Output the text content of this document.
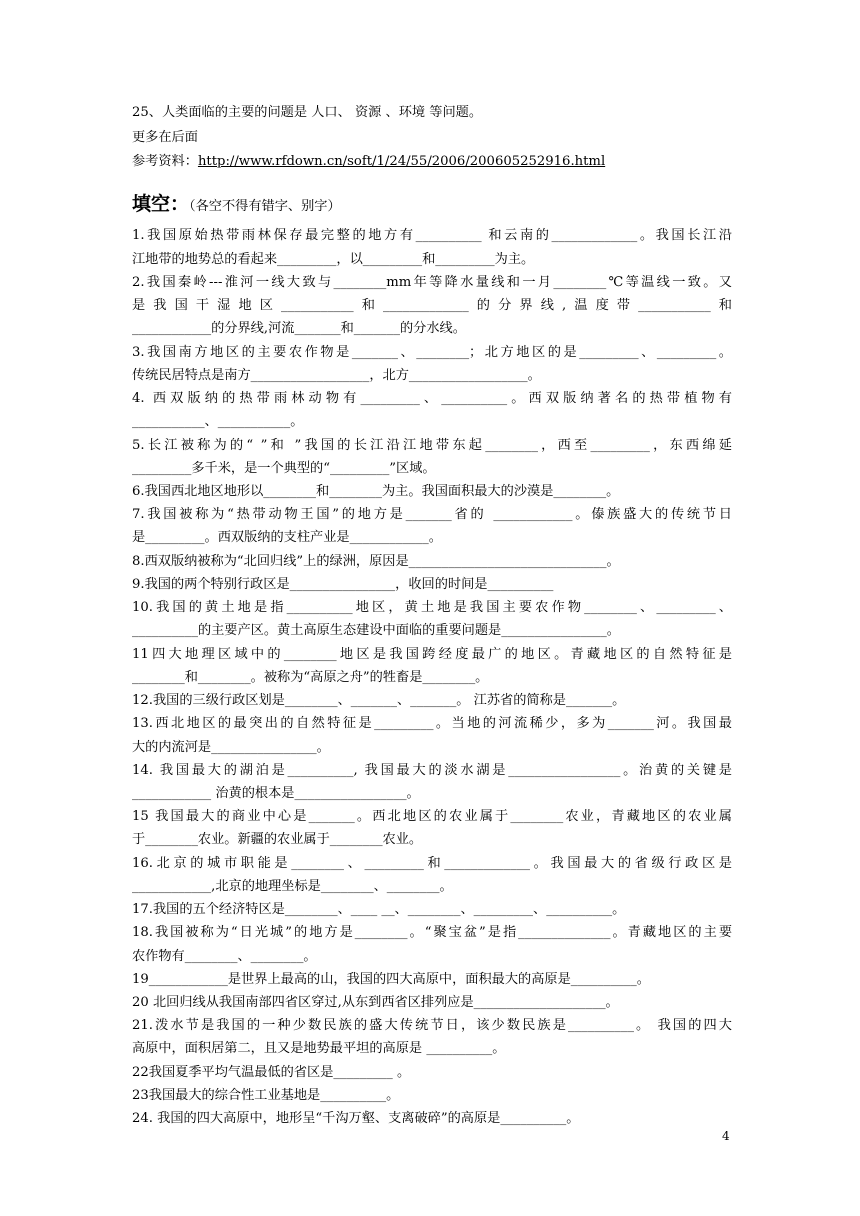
25、人类面临的主要的问题是 人口、 资源 、环境 等问题。
更多在后面
参考资料：http://www.rfdown.cn/soft/1/24/55/2006/200605252916.html
填空：（各空不得有错字、别字）
1.我国原始热带雨林保存最完整的地方有__________ 和云南的_____________。我国长江沿
江地带的地势总的看起来_________，以_________和_________为主。
2.我国秦岭---淮河一线大致与________mm年等降水量线和一月________℃等温线一致。又
是我国干湿地区___________和_____________的分界线,温度带___________和
____________的分界线,河流_______和_______的分水线。
3.我国南方地区的主要农作物是_______、________；北方地区的是_________、_________。
传统民居特点是南方__________________，北方__________________。
4. 西双版纳的热带雨林动物有_________、__________。西双版纳著名的热带植物有
___________、___________。
5.长江被称为的“ ”和 ”我国的长江沿江地带东起________，西至_________，东西绵延
_________多千米，是一个典型的“_________”区域。
6.我国西北地区地形以________和________为主。我国面积最大的沙漠是________。
7.我国被称为“热带动物王国”的地方是_______省的 ____________。傣族盛大的传统节日
是_________。西双版纳的支柱产业是____________。
8.西双版纳被称为“北回归线”上的绿洲，原因是______________________________。
9.我国的两个特别行政区是________________，收回的时间是__________
10.我国的黄土地是指__________地区，黄土地是我国主要农作物________、_________、
__________的主要产区。黄土高原生态建设中面临的重要问题是________________。
11四大地理区域中的________地区是我国跨经度最广的地区。青藏地区的自然特征是
________和________。被称为“高原之舟”的牲畜是________。
12.我国的三级行政区划是________、_______、_______。 江苏省的简称是_______。
13.西北地区的最突出的自然特征是_________。当地的河流稀少，多为_______河。我国最
大的内流河是________________。
14. 我国最大的湖泊是__________, 我国最大的淡水湖是_________________。治黄的关键是
____________ 治黄的根本是_________________。
15 我国最大的商业中心是_______。西北地区的农业属于________农业，青藏地区的农业属
于________农业。新疆的农业属于________农业。
16.北京的城市职能是________、_________和_____________。我国最大的省级行政区是
____________,北京的地理坐标是________、________。
17.我国的五个经济特区是________、____ __、________、_________、__________。
18.我国被称为“日光城”的地方是________。“聚宝盆”是指______________。青藏地区的主要
农作物有________、________。
19____________是世界上最高的山，我国的四大高原中，面积最大的高原是__________。
20 北回归线从我国南部四省区穿过,从东到西省区排列应是____________________。
21.泼水节是我国的一种少数民族的盛大传统节日，该少数民族是__________。 我国的四大
高原中，面积居第二，且又是地势最平坦的高原是 __________。
22我国夏季平均气温最低的省区是_________ 。
23我国最大的综合性工业基地是__________。
24. 我国的四大高原中，地形呈“千沟万壑、支离破碎”的高原是__________。
4
